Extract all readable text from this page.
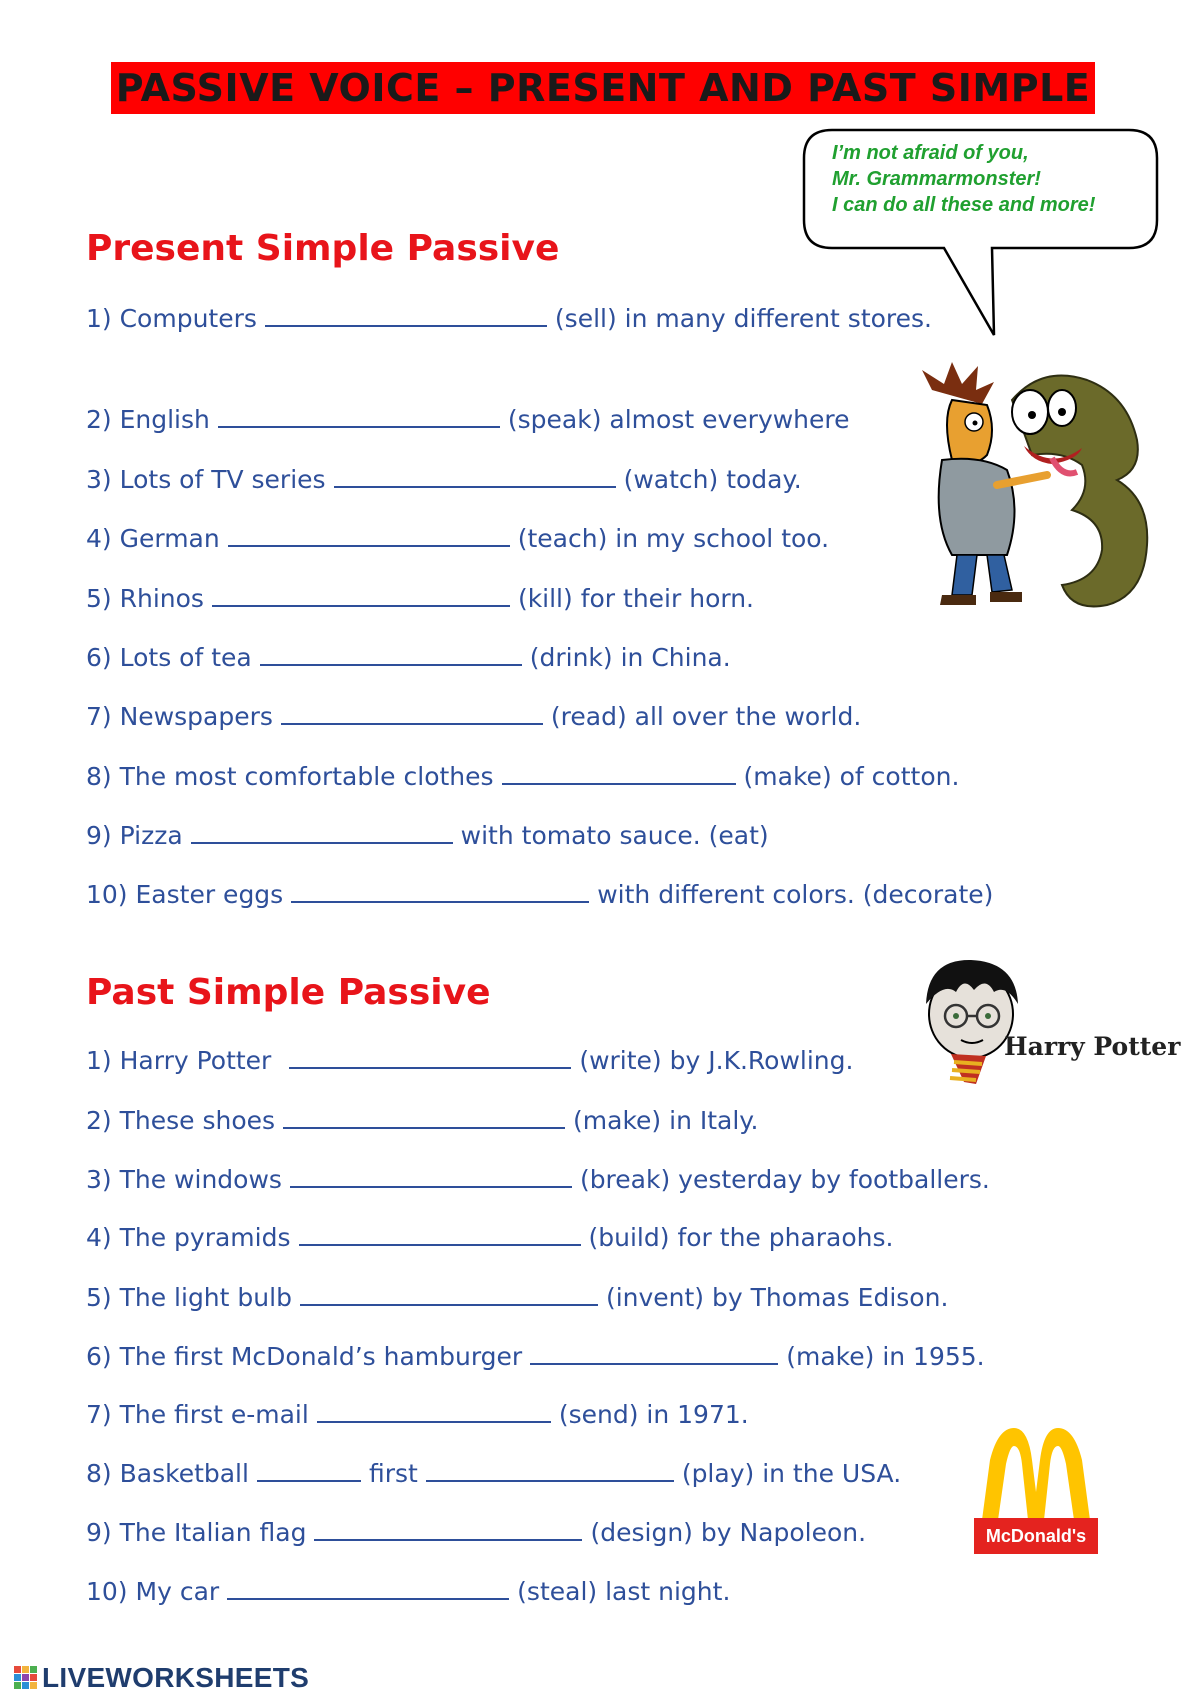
PASSIVE VOICE – PRESENT AND PAST SIMPLE
I’m not afraid of you,
Mr. Grammarmonster!
I can do all these and more!
Present Simple Passive
1) Computers	(sell) in many different stores.
2) English	(speak) almost everywhere
3) Lots of TV series	(watch) today.
4) German	(teach) in my school too.
5) Rhinos	(kill) for their horn.
6) Lots of tea	(drink) in China.
7) Newspapers	(read) all over the world.
8) The most comfortable clothes	(make) of cotton.
9) Pizza	with tomato sauce. (eat)
10) Easter eggs	with different colors. (decorate)
Past Simple Passive
1) Harry Potter	(write) by J.K.Rowling.
2) These shoes	(make) in Italy.
3) The windows	(break) yesterday by footballers.
4) The pyramids	(build) for the pharaohs.
5) The light bulb	(invent) by Thomas Edison.
6) The first McDonald’s hamburger	(make) in 1955.
7) The first e-mail	(send) in 1971.
8) Basketball	first	(play) in the USA.
9) The Italian flag	(design) by Napoleon.
10) My car	(steal) last night.
Harry Potter
McDonald's
LIVEWORKSHEETS
